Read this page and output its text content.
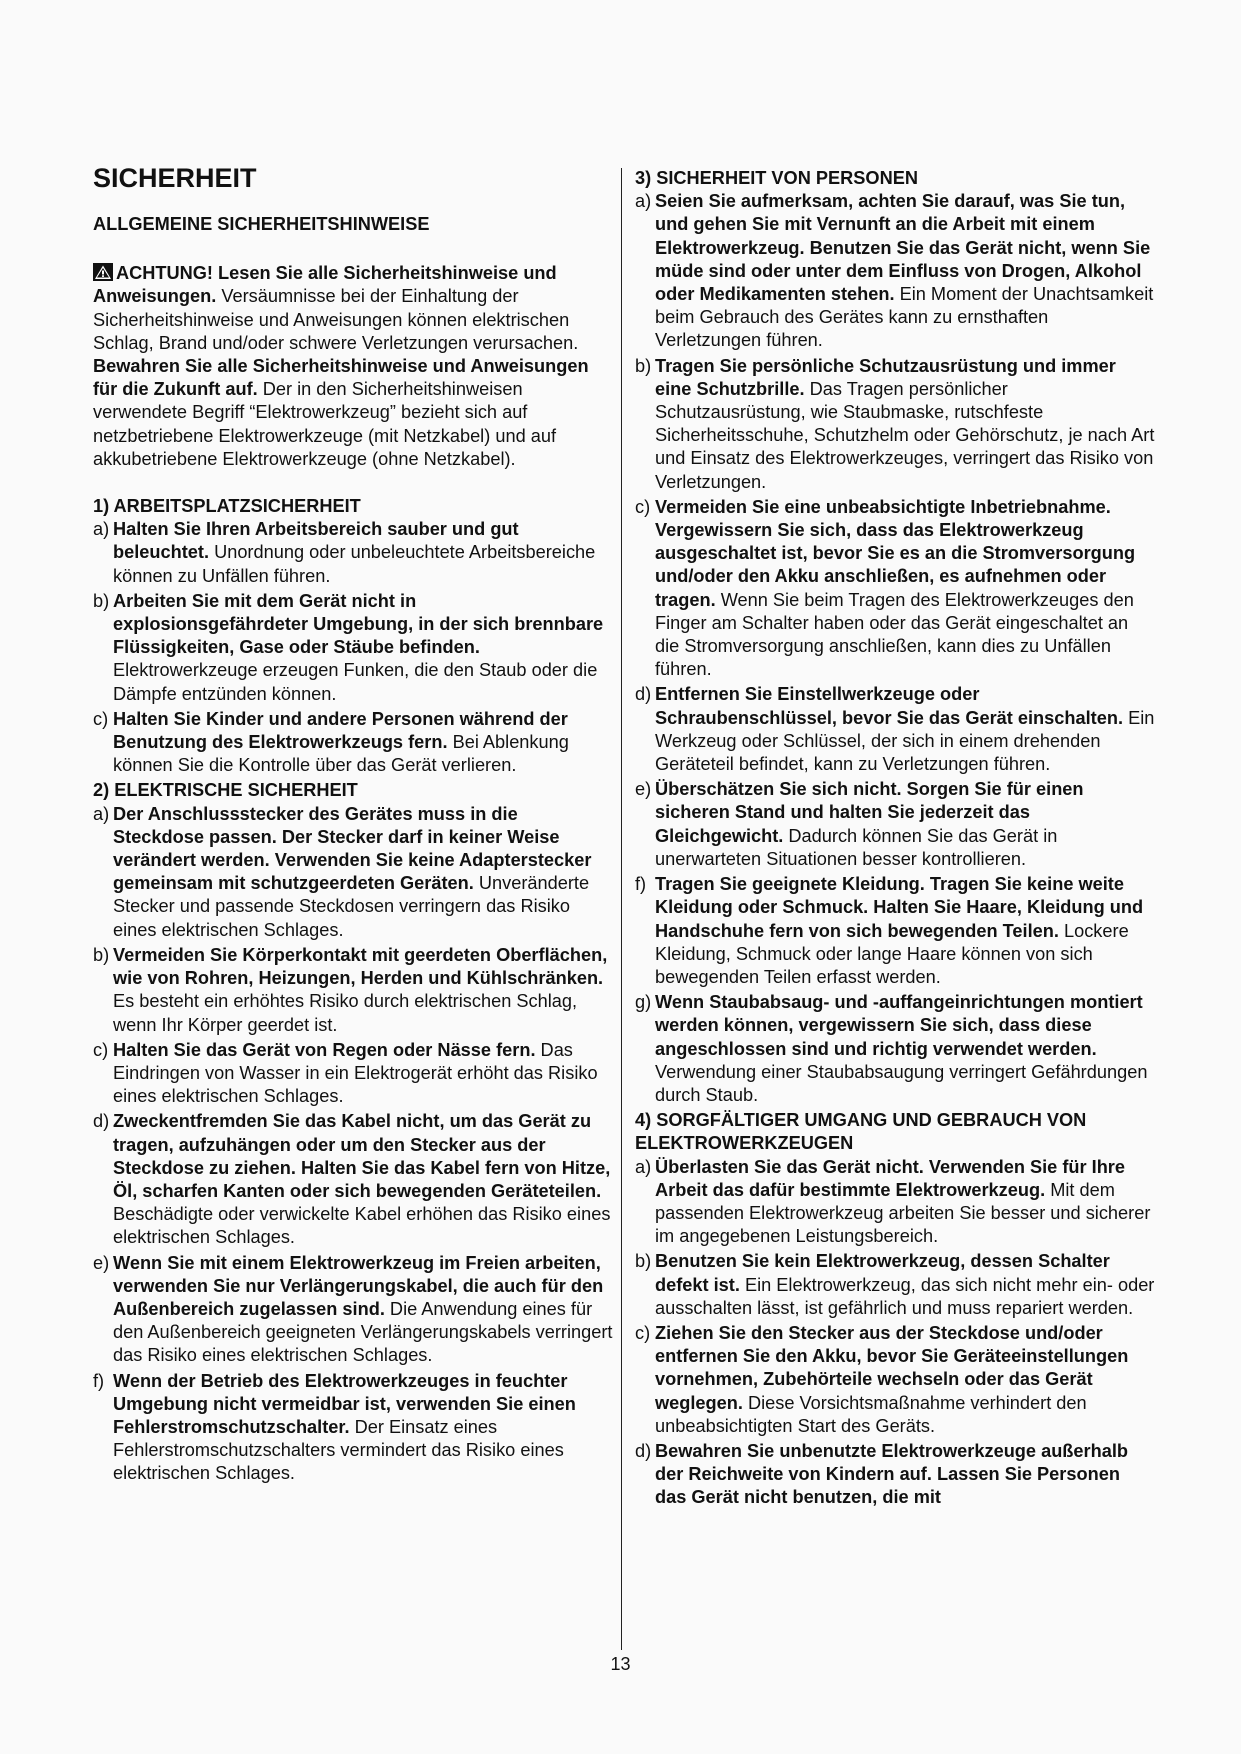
SICHERHEIT
ALLGEMEINE SICHERHEITSHINWEISE
ACHTUNG! Lesen Sie alle Sicherheitshinweise und Anweisungen. Versäumnisse bei der Einhaltung der Sicherheitshinweise und Anweisungen können elektrischen Schlag, Brand und/oder schwere Verletzungen verursachen. Bewahren Sie alle Sicherheitshinweise und Anweisungen für die Zukunft auf. Der in den Sicherheitshinweisen verwendete Begriff “Elektrowerkzeug” bezieht sich auf netzbetriebene Elektrowerkzeuge (mit Netzkabel) und auf akkubetriebene Elektrowerkzeuge (ohne Netzkabel).
1) ARBEITSPLATZSICHERHEIT
a) Halten Sie Ihren Arbeitsbereich sauber und gut beleuchtet. Unordnung oder unbeleuchtete Arbeitsbereiche können zu Unfällen führen.
b) Arbeiten Sie mit dem Gerät nicht in explosionsgefährdeter Umgebung, in der sich brennbare Flüssigkeiten, Gase oder Stäube befinden. Elektrowerkzeuge erzeugen Funken, die den Staub oder die Dämpfe entzünden können.
c) Halten Sie Kinder und andere Personen während der Benutzung des Elektrowerkzeugs fern. Bei Ablenkung können Sie die Kontrolle über das Gerät verlieren.
2) ELEKTRISCHE SICHERHEIT
a) Der Anschlussstecker des Gerätes muss in die Steckdose passen. Der Stecker darf in keiner Weise verändert werden. Verwenden Sie keine Adapterstecker gemeinsam mit schutzgeerdeten Geräten. Unveränderte Stecker und passende Steckdosen verringern das Risiko eines elektrischen Schlages.
b) Vermeiden Sie Körperkontakt mit geerdeten Oberflächen, wie von Rohren, Heizungen, Herden und Kühlschränken. Es besteht ein erhöhtes Risiko durch elektrischen Schlag, wenn Ihr Körper geerdet ist.
c) Halten Sie das Gerät von Regen oder Nässe fern. Das Eindringen von Wasser in ein Elektrogerät erhöht das Risiko eines elektrischen Schlages.
d) Zweckentfremden Sie das Kabel nicht, um das Gerät zu tragen, aufzuhängen oder um den Stecker aus der Steckdose zu ziehen. Halten Sie das Kabel fern von Hitze, Öl, scharfen Kanten oder sich bewegenden Geräteteilen. Beschädigte oder verwickelte Kabel erhöhen das Risiko eines elektrischen Schlages.
e) Wenn Sie mit einem Elektrowerkzeug im Freien arbeiten, verwenden Sie nur Verlängerungskabel, die auch für den Außenbereich zugelassen sind. Die Anwendung eines für den Außenbereich geeigneten Verlängerungskabels verringert das Risiko eines elektrischen Schlages.
f) Wenn der Betrieb des Elektrowerkzeuges in feuchter Umgebung nicht vermeidbar ist, verwenden Sie einen Fehlerstromschutzschalter. Der Einsatz eines Fehlerstromschutzschalters vermindert das Risiko eines elektrischen Schlages.
3) SICHERHEIT VON PERSONEN
a) Seien Sie aufmerksam, achten Sie darauf, was Sie tun, und gehen Sie mit Vernunft an die Arbeit mit einem Elektrowerkzeug. Benutzen Sie das Gerät nicht, wenn Sie müde sind oder unter dem Einfluss von Drogen, Alkohol oder Medikamenten stehen. Ein Moment der Unachtsamkeit beim Gebrauch des Gerätes kann zu ernsthaften Verletzungen führen.
b) Tragen Sie persönliche Schutzausrüstung und immer eine Schutzbrille. Das Tragen persönlicher Schutzausrüstung, wie Staubmaske, rutschfeste Sicherheitsschuhe, Schutzhelm oder Gehörschutz, je nach Art und Einsatz des Elektrowerkzeuges, verringert das Risiko von Verletzungen.
c) Vermeiden Sie eine unbeabsichtigte Inbetriebnahme. Vergewissern Sie sich, dass das Elektrowerkzeug ausgeschaltet ist, bevor Sie es an die Stromversorgung und/oder den Akku anschließen, es aufnehmen oder tragen. Wenn Sie beim Tragen des Elektrowerkzeuges den Finger am Schalter haben oder das Gerät eingeschaltet an die Stromversorgung anschließen, kann dies zu Unfällen führen.
d) Entfernen Sie Einstellwerkzeuge oder Schraubenschlüssel, bevor Sie das Gerät einschalten. Ein Werkzeug oder Schlüssel, der sich in einem drehenden Geräteteil befindet, kann zu Verletzungen führen.
e) Überschätzen Sie sich nicht. Sorgen Sie für einen sicheren Stand und halten Sie jederzeit das Gleichgewicht. Dadurch können Sie das Gerät in unerwarteten Situationen besser kontrollieren.
f) Tragen Sie geeignete Kleidung. Tragen Sie keine weite Kleidung oder Schmuck. Halten Sie Haare, Kleidung und Handschuhe fern von sich bewegenden Teilen. Lockere Kleidung, Schmuck oder lange Haare können von sich bewegenden Teilen erfasst werden.
g) Wenn Staubabsaug- und -auffangeinrichtungen montiert werden können, vergewissern Sie sich, dass diese angeschlossen sind und richtig verwendet werden. Verwendung einer Staubabsaugung verringert Gefährdungen durch Staub.
4) SORGFÄLTIGER UMGANG UND GEBRAUCH VON ELEKTROWERKZEUGEN
a) Überlasten Sie das Gerät nicht. Verwenden Sie für Ihre Arbeit das dafür bestimmte Elektrowerkzeug. Mit dem passenden Elektrowerkzeug arbeiten Sie besser und sicherer im angegebenen Leistungsbereich.
b) Benutzen Sie kein Elektrowerkzeug, dessen Schalter defekt ist. Ein Elektrowerkzeug, das sich nicht mehr ein- oder ausschalten lässt, ist gefährlich und muss repariert werden.
c) Ziehen Sie den Stecker aus der Steckdose und/oder entfernen Sie den Akku, bevor Sie Geräteeinstellungen vornehmen, Zubehörteile wechseln oder das Gerät weglegen. Diese Vorsichtsmaßnahme verhindert den unbeabsichtigten Start des Geräts.
d) Bewahren Sie unbenutzte Elektrowerkzeuge außerhalb der Reichweite von Kindern auf. Lassen Sie Personen das Gerät nicht benutzen, die mit
13
